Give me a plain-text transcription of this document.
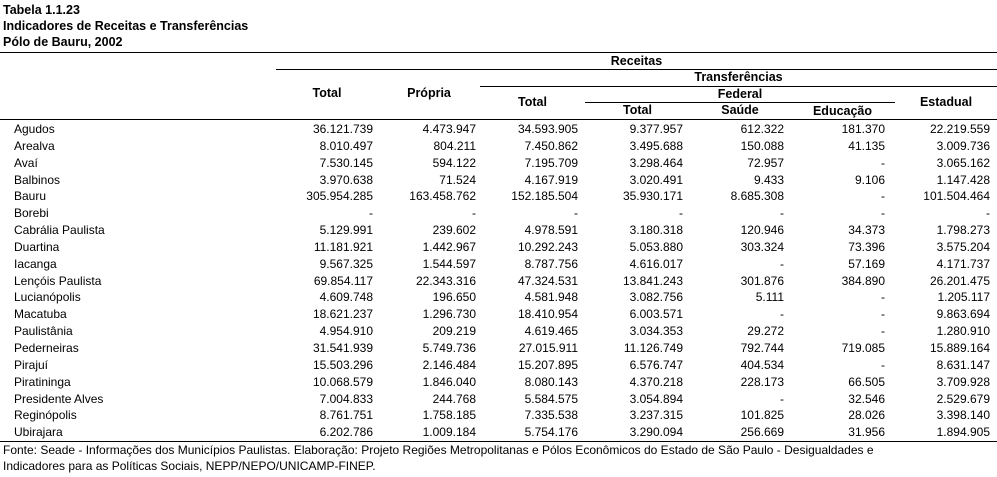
Tabela 1.1.23
Indicadores de Receitas e Transferências
Pólo de Bauru, 2002
Receitas
Transferências
Total	Própria
Total
Federal
Total	Saúde	Educação
Estadual
Agudos	36.121.739	4.473.947	34.593.905	9.377.957	612.322	181.370	22.219.559
Arealva	8.010.497	804.211	7.450.862	3.495.688	150.088	41.135	3.009.736
Avaí	7.530.145	594.122	7.195.709	3.298.464	72.957	-	3.065.162
Balbinos	3.970.638	71.524	4.167.919	3.020.491	9.433	9.106	1.147.428
Bauru	305.954.285	163.458.762	152.185.504	35.930.171	8.685.308	-	101.504.464
Borebi	-	-	-	-	-	-	-
Cabrália Paulista	5.129.991	239.602	4.978.591	3.180.318	120.946	34.373	1.798.273
Duartina	11.181.921	1.442.967	10.292.243	5.053.880	303.324	73.396	3.575.204
Iacanga	9.567.325	1.544.597	8.787.756	4.616.017	-	57.169	4.171.737
Lençóis Paulista	69.854.117	22.343.316	47.324.531	13.841.243	301.876	384.890	26.201.475
Lucianópolis	4.609.748	196.650	4.581.948	3.082.756	5.111	-	1.205.117
Macatuba	18.621.237	1.296.730	18.410.954	6.003.571	-	-	9.863.694
Paulistânia	4.954.910	209.219	4.619.465	3.034.353	29.272	-	1.280.910
Pederneiras	31.541.939	5.749.736	27.015.911	11.126.749	792.744	719.085	15.889.164
Pirajuí	15.503.296	2.146.484	15.207.895	6.576.747	404.534	-	8.631.147
Piratininga	10.068.579	1.846.040	8.080.143	4.370.218	228.173	66.505	3.709.928
Presidente Alves	7.004.833	244.768	5.584.575	3.054.894	-	32.546	2.529.679
Reginópolis	8.761.751	1.758.185	7.335.538	3.237.315	101.825	28.026	3.398.140
Ubirajara	6.202.786	1.009.184	5.754.176	3.290.094	256.669	31.956	1.894.905
Fonte: Seade - Informações dos Municípios Paulistas. Elaboração: Projeto Regiões Metropolitanas e Pólos Econômicos do Estado de São Paulo - Desigualdades e
Indicadores para as Políticas Sociais, NEPP/NEPO/UNICAMP-FINEP.
